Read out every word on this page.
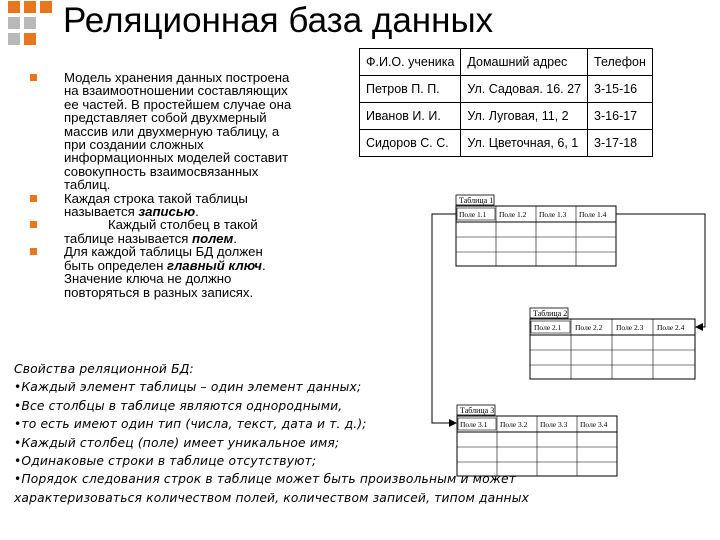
Реляционная база данных
Модель хранения данных построена
на взаимоотношении составляющих
ее частей. В простейшем случае она
представляет собой двухмерный
массив или двухмерную таблицу, а
при создании сложных
информационных моделей составит
совокупность взаимосвязанных
таблиц.
Каждая строка такой таблицы
называется записью.
Каждый столбец в такой
таблице называется полем.
Для каждой таблицы БД должен
быть определен главный ключ.
Значение ключа не должно
повторяться в разных записях.
Ф.И.О. ученика	Домашний адрес	Телефон
Петров П. П.	Ул. Садовая. 16. 27	3-15-16
Иванов И. И.	Ул. Луговая, 11, 2	3-16-17
Сидоров С. С.	Ул. Цветочная, 6, 1	3-17-18
Таблица 1
Поле 1.1 Поле 1.2 Поле 1.3 Поле 1.4
Таблица 2
Поле 2.1 Поле 2.2 Поле 2.3 Поле 2.4
Таблица 3
Поле 3.1 Поле 3.2 Поле 3.3 Поле 3.4
Свойства реляционной БД:
•Каждый элемент таблицы – один элемент данных;
•Все столбцы в таблице являются однородными,
•то есть имеют один тип (числа, текст, дата и т. д.);
•Каждый столбец (поле) имеет уникальное имя;
•Одинаковые строки в таблице отсутствуют;
•Порядок следования строк в таблице может быть произвольным и может
характеризоваться количеством полей, количеством записей, типом данных
